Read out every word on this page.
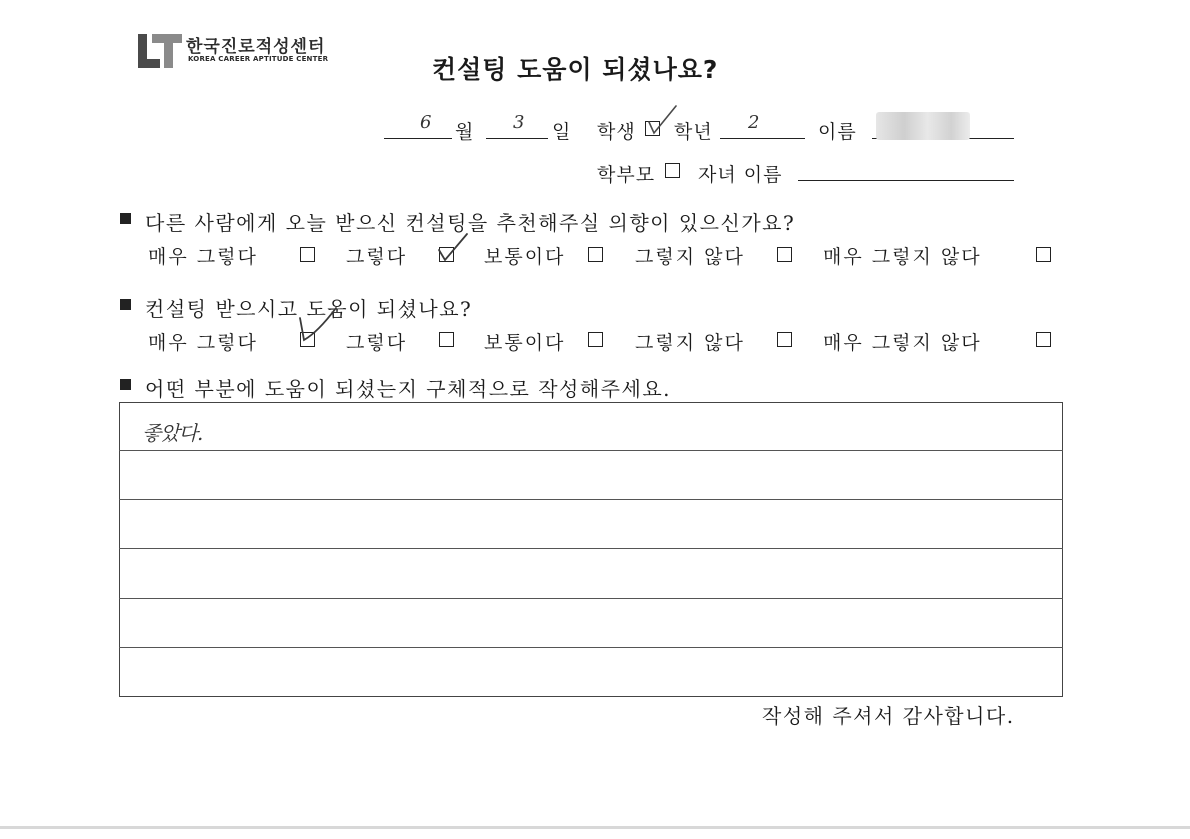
한국진로적성센터
KOREA CAREER APTITUDE CENTER	컨설팅 도움이 되셨나요?
6 월 3 일 학생 학년 2	이름
학부모 자녀 이름
다른 사람에게 오늘 받으신 컨설팅을 추천해주실 의향이 있으신가요?
매우 그렇다	그렇다	보통이다	그렇지 않다	매우 그렇지 않다
컨설팅 받으시고 도움이 되셨나요?
매우 그렇다	그렇다	보통이다	그렇지 않다	매우 그렇지 않다
어떤 부분에 도움이 되셨는지 구체적으로 작성해주세요.
좋았다.
작성해 주셔서 감사합니다.
